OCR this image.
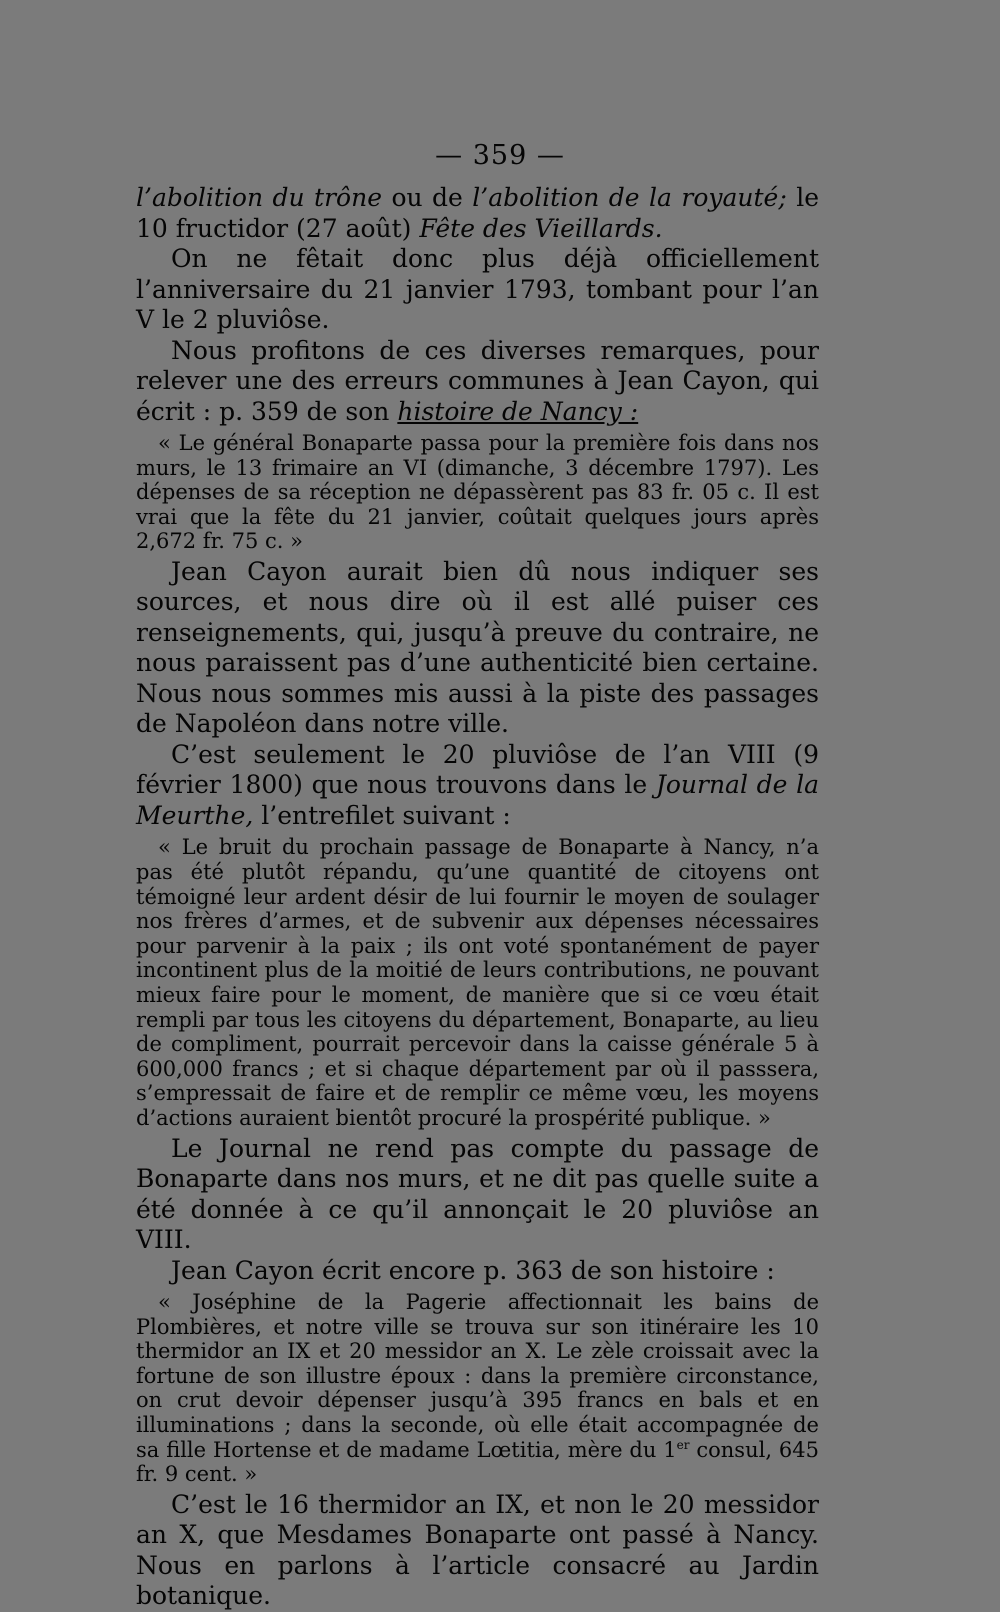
— 359 —

l’abolition du trône ou de l’abolition de la royauté; le 10 fructidor (27 août) Fête des Vieillards.

On ne fêtait donc plus déjà officiellement l’anniversaire du 21 janvier 1793, tombant pour l’an V le 2 pluviôse.

Nous profitons de ces diverses remarques, pour relever une des erreurs communes à Jean Cayon, qui écrit : p. 359 de son histoire de Nancy :

« Le général Bonaparte passa pour la première fois dans nos murs, le 13 frimaire an VI (dimanche, 3 décembre 1797). Les dépenses de sa réception ne dépassèrent pas 83 fr. 05 c. Il est vrai que la fête du 21 janvier, coûtait quelques jours après 2,672 fr. 75 c. »

Jean Cayon aurait bien dû nous indiquer ses sources, et nous dire où il est allé puiser ces renseignements, qui, jusqu’à preuve du contraire, ne nous paraissent pas d’une authenticité bien certaine. Nous nous sommes mis aussi à la piste des passages de Napoléon dans notre ville.

C’est seulement le 20 pluviôse de l’an VIII (9 février 1800) que nous trouvons dans le Journal de la Meurthe, l’entrefilet suivant :

« Le bruit du prochain passage de Bonaparte à Nancy, n’a pas été plutôt répandu, qu’une quantité de citoyens ont témoigné leur ardent désir de lui fournir le moyen de soulager nos frères d’armes, et de subvenir aux dépenses nécessaires pour parvenir à la paix ; ils ont voté spontanément de payer incontinent plus de la moitié de leurs contributions, ne pouvant mieux faire pour le moment, de manière que si ce vœu était rempli par tous les citoyens du département, Bonaparte, au lieu de compliment, pourrait percevoir dans la caisse générale 5 à 600,000 francs ; et si chaque département par où il passsera, s’empressait de faire et de remplir ce même vœu, les moyens d’actions auraient bientôt procuré la prospérité publique. »

Le Journal ne rend pas compte du passage de Bonaparte dans nos murs, et ne dit pas quelle suite a été donnée à ce qu’il annonçait le 20 pluviôse an VIII.

Jean Cayon écrit encore p. 363 de son histoire :

« Joséphine de la Pagerie affectionnait les bains de Plombières, et notre ville se trouva sur son itinéraire les 10 thermidor an IX et 20 messidor an X. Le zèle croissait avec la fortune de son illustre époux : dans la première circonstance, on crut devoir dépenser jusqu’à 395 francs en bals et en illuminations ; dans la seconde, où elle était accompagnée de sa fille Hortense et de madame Lœtitia, mère du 1er consul, 645 fr. 9 cent. »

C’est le 16 thermidor an IX, et non le 20 messidor an X, que Mesdames Bonaparte ont passé à Nancy. Nous en parlons à l’article consacré au Jardin botanique.
